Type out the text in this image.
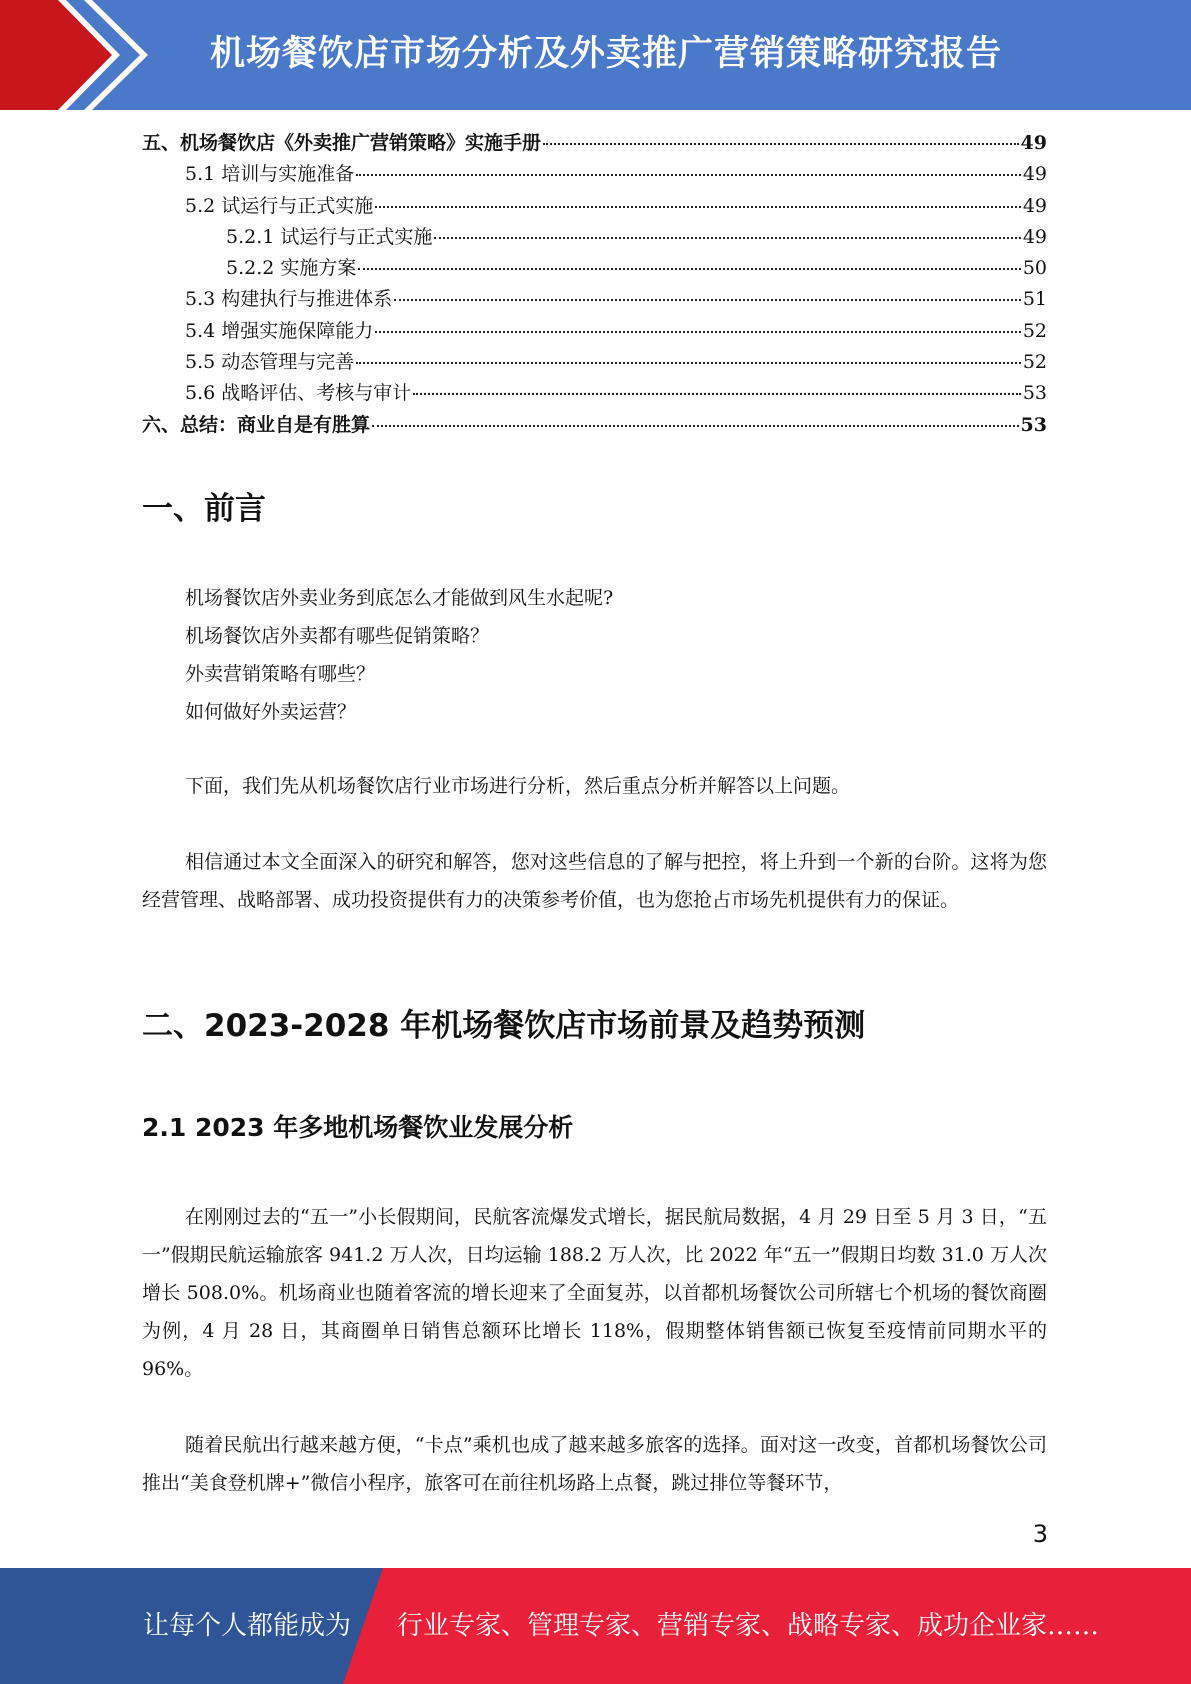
机场餐饮店市场分析及外卖推广营销策略研究报告
五、机场餐饮店《外卖推广营销策略》实施手册	49
5.1 培训与实施准备	49
5.2 试运行与正式实施	49
5.2.1 试运行与正式实施	49
5.2.2 实施方案	50
5.3 构建执行与推进体系	51
5.4 增强实施保障能力	52
5.5 动态管理与完善	52
5.6 战略评估、考核与审计	53
六、总结：商业自是有胜算	53
一、前言
机场餐饮店外卖业务到底怎么才能做到风生水起呢?
机场餐饮店外卖都有哪些促销策略？
外卖营销策略有哪些？
如何做好外卖运营？
下面，我们先从机场餐饮店行业市场进行分析，然后重点分析并解答以上问题。
相信通过本文全面深入的研究和解答，您对这些信息的了解与把控，将上升到一个新的台阶。这将为您经营管理、战略部署、成功投资提供有力的决策参考价值，也为您抢占市场先机提供有力的保证。
二、2023-2028 年机场餐饮店市场前景及趋势预测
2.1 2023 年多地机场餐饮业发展分析
在刚刚过去的“五一”小长假期间，民航客流爆发式增长，据民航局数据，4 月 29 日至 5 月 3 日，“五一”假期民航运输旅客 941.2 万人次，日均运输 188.2 万人次，比 2022 年“五一”假期日均数 31.0 万人次增长 508.0%。机场商业也随着客流的增长迎来了全面复苏，以首都机场餐饮公司所辖七个机场的餐饮商圈为例，4 月 28 日，其商圈单日销售总额环比增长 118%，假期整体销售额已恢复至疫情前同期水平的 96%。
随着民航出行越来越方便，“卡点”乘机也成了越来越多旅客的选择。面对这一改变，首都机场餐饮公司推出“美食登机牌+”微信小程序，旅客可在前往机场路上点餐，跳过排位等餐环节，
3
让每个人都能成为 行业专家、管理专家、营销专家、战略专家、成功企业家……
